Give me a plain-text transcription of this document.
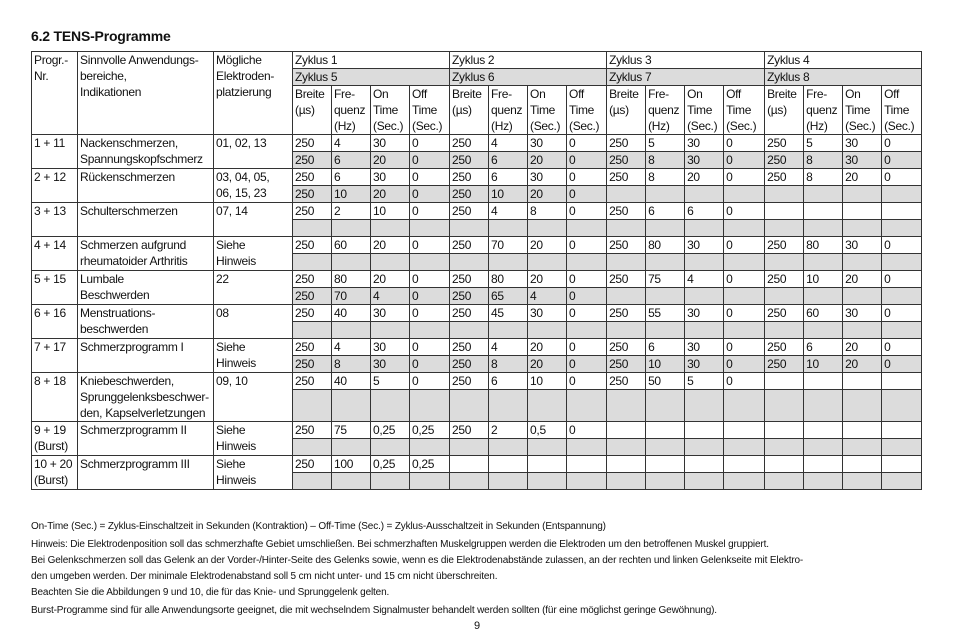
6.2 TENS-Programme
Progr.-
Nr.	Sinnvolle Anwendungs-
bereiche,
Indikationen	Mögliche
Elektroden-
platzierung	Zyklus 1				Zyklus 2				Zyklus 3				Zyklus 4			
			Zyklus 5				Zyklus 6				Zyklus 7				Zyklus 8			
			Breite
(µs)	Fre-
quenz
(Hz)	On
Time
(Sec.)	Off
Time
(Sec.)	Breite
(µs)	Fre-
quenz
(Hz)	On
Time
(Sec.)	Off
Time
(Sec.)	Breite
(µs)	Fre-
quenz
(Hz)	On
Time
(Sec.)	Off
Time
(Sec.)	Breite
(µs)	Fre-
quenz
(Hz)	On
Time
(Sec.)	Off
Time
(Sec.)
1 + 11	Nackenschmerzen,
Spannungskopfschmerz	01, 02, 13	250	4	30	0	250	4	30	0	250	5	30	0	250	5	30	0
			250	6	20	0	250	6	20	0	250	8	30	0	250	8	30	0
2 + 12	Rückenschmerzen	03, 04, 05,
06, 15, 23	250	6	30	0	250	6	30	0	250	8	20	0	250	8	20	0
			250	10	20	0	250	10	20	0								
3 + 13	Schulterschmerzen	07, 14	250	2	10	0	250	4	8	0	250	6	6	0				

4 + 14	Schmerzen aufgrund
rheumatoider Arthritis	Siehe
Hinweis	250	60	20	0	250	70	20	0	250	80	30	0	250	80	30	0

5 + 15	Lumbale
Beschwerden	22	250	80	20	0	250	80	20	0	250	75	4	0	250	10	20	0
			250	70	4	0	250	65	4	0								
6 + 16	Menstruations-
beschwerden	08	250	40	30	0	250	45	30	0	250	55	30	0	250	60	30	0

7 + 17	Schmerzprogramm I	Siehe
Hinweis	250	4	30	0	250	4	20	0	250	6	30	0	250	6	20	0
			250	8	30	0	250	8	20	0	250	10	30	0	250	10	20	0
8 + 18	Kniebeschwerden,
Sprunggelenksbeschwer-
den, Kapselverletzungen	09, 10	250	40	5	0	250	6	10	0	250	50	5	0				

9 + 19
(Burst)	Schmerzprogramm II	Siehe
Hinweis	250	75	0,25	0,25	250	2	0,5	0								

10 + 20
(Burst)	Schmerzprogramm III	Siehe
Hinweis	250	100	0,25	0,25												

On-Time (Sec.) = Zyklus-Einschaltzeit in Sekunden (Kontraktion) – Off-Time (Sec.) = Zyklus-Ausschaltzeit in Sekunden (Entspannung)

Hinweis: Die Elektrodenposition soll das schmerzhafte Gebiet umschließen. Bei schmerzhaften Muskelgruppen werden die Elektroden um den betroffenen Muskel gruppiert.

Bei Gelenkschmerzen soll das Gelenk an der Vorder-/Hinter-Seite des Gelenks sowie, wenn es die Elektrodenabstände zulassen, an der rechten und linken Gelenkseite mit Elektro-

den umgeben werden. Der minimale Elektrodenabstand soll 5 cm nicht unter- und 15 cm nicht überschreiten.

Beachten Sie die Abbildungen 9 und 10, die für das Knie- und Sprunggelenk gelten.

Burst-Programme sind für alle Anwendungsorte geeignet, die mit wechselndem Signalmuster behandelt werden sollten (für eine möglichst geringe Gewöhnung).

9
